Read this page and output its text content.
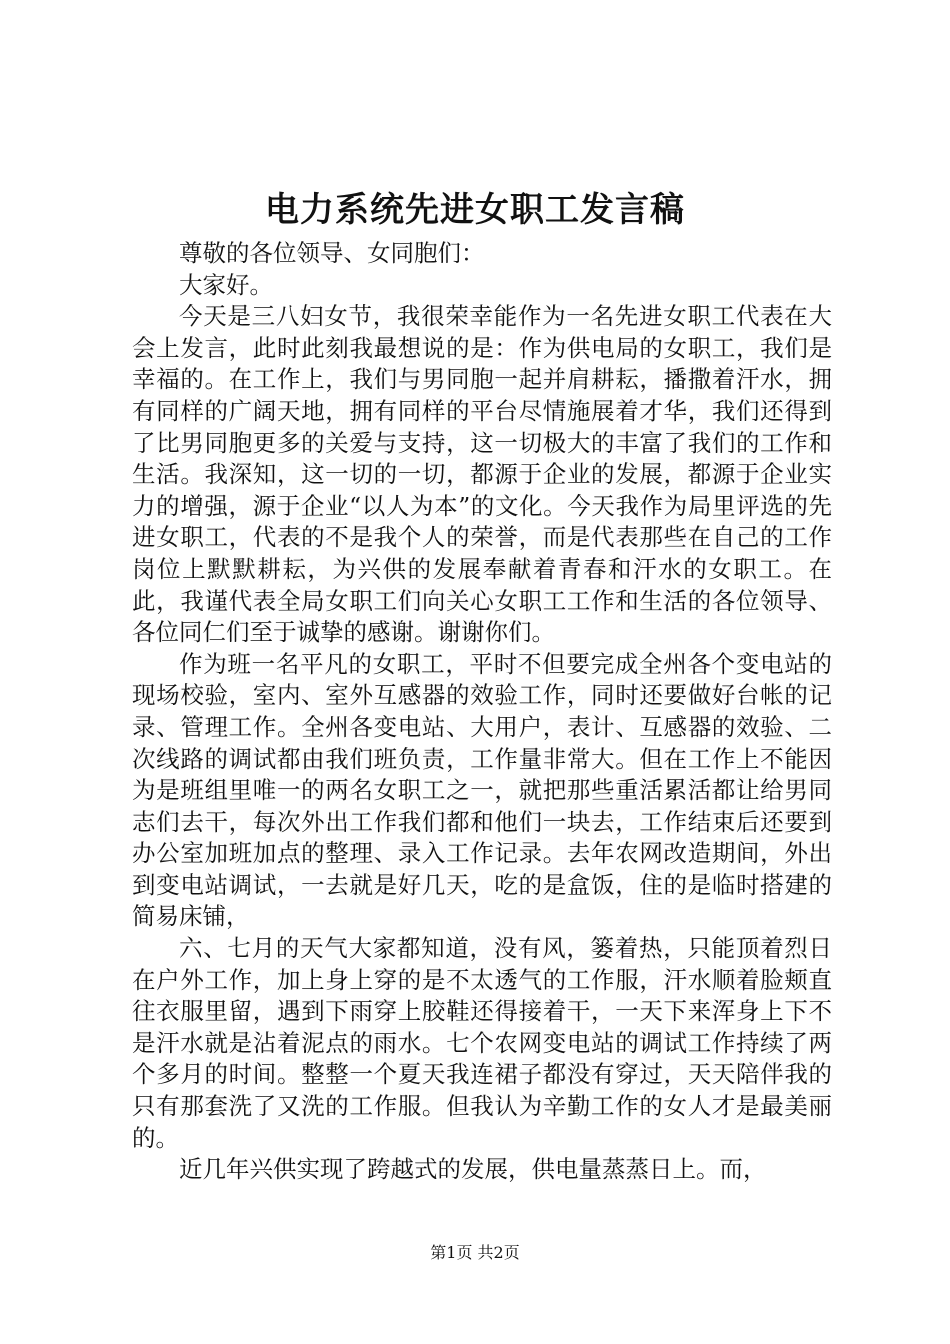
电力系统先进女职工发言稿

尊敬的各位领导、女同胞们：

大家好。

今天是三八妇女节，我很荣幸能作为一名先进女职工代表在大会上发言，此时此刻我最想说的是：作为供电局的女职工，我们是幸福的。在工作上，我们与男同胞一起并肩耕耘，播撒着汗水，拥有同样的广阔天地，拥有同样的平台尽情施展着才华，我们还得到了比男同胞更多的关爱与支持，这一切极大的丰富了我们的工作和生活。我深知，这一切的一切，都源于企业的发展，都源于企业实力的增强，源于企业“以人为本”的文化。今天我作为局里评选的先进女职工，代表的不是我个人的荣誉，而是代表那些在自己的工作岗位上默默耕耘，为兴供的发展奉献着青春和汗水的女职工。在此，我谨代表全局女职工们向关心女职工工作和生活的各位领导、各位同仁们至于诚挚的感谢。谢谢你们。

作为班一名平凡的女职工，平时不但要完成全州各个变电站的现场校验，室内、室外互感器的效验工作，同时还要做好台帐的记录、管理工作。全州各变电站、大用户，表计、互感器的效验、二次线路的调试都由我们班负责，工作量非常大。但在工作上不能因为是班组里唯一的两名女职工之一，就把那些重活累活都让给男同志们去干，每次外出工作我们都和他们一块去，工作结束后还要到办公室加班加点的整理、录入工作记录。去年农网改造期间，外出到变电站调试，一去就是好几天，吃的是盒饭，住的是临时搭建的简易床铺，

六、七月的天气大家都知道，没有风，篓着热，只能顶着烈日在户外工作，加上身上穿的是不太透气的工作服，汗水顺着脸颊直往衣服里留，遇到下雨穿上胶鞋还得接着干，一天下来浑身上下不是汗水就是沾着泥点的雨水。七个农网变电站的调试工作持续了两个多月的时间。整整一个夏天我连裙子都没有穿过，天天陪伴我的只有那套洗了又洗的工作服。但我认为辛勤工作的女人才是最美丽的。

近几年兴供实现了跨越式的发展，供电量蒸蒸日上。而，

第1页 共2页
